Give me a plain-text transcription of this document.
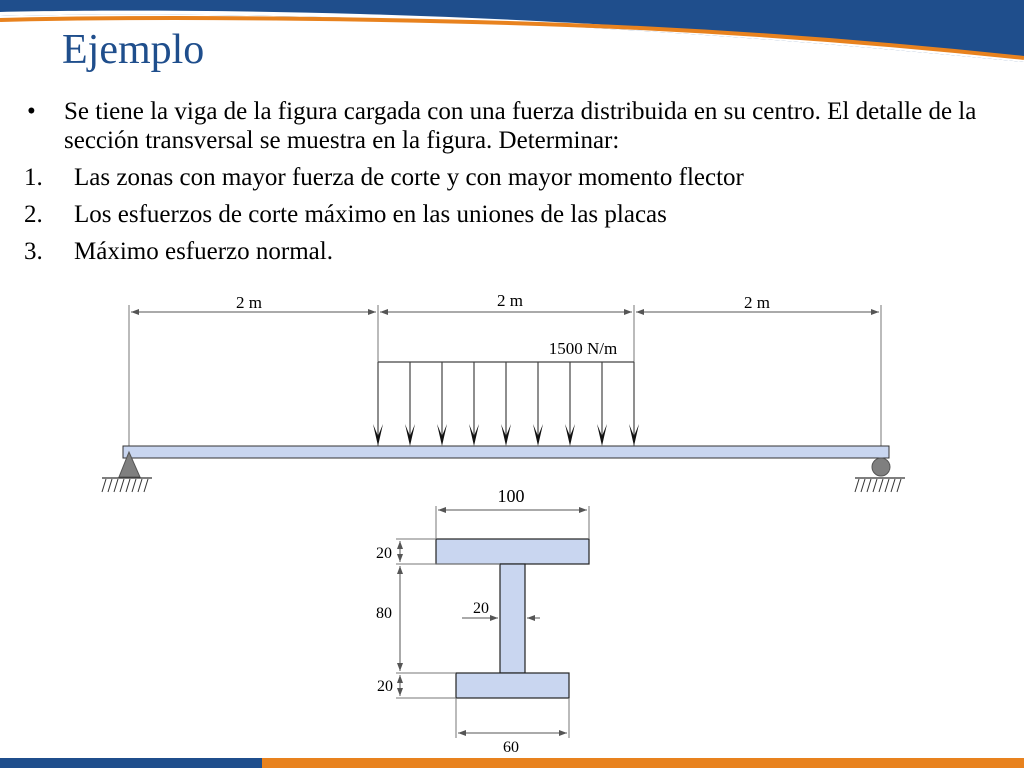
Ejemplo
•	Se tiene la viga de la figura cargada con una fuerza distribuida en su centro. El detalle de la sección transversal se muestra en la figura. Determinar:
1.	Las zonas con mayor fuerza de corte y con mayor momento flector
2.	Los esfuerzos de corte máximo en las uniones de las placas
3.	Máximo esfuerzo normal.
2 m	2 m	2 m
1500 N/m
100
60
20
80
20
20
